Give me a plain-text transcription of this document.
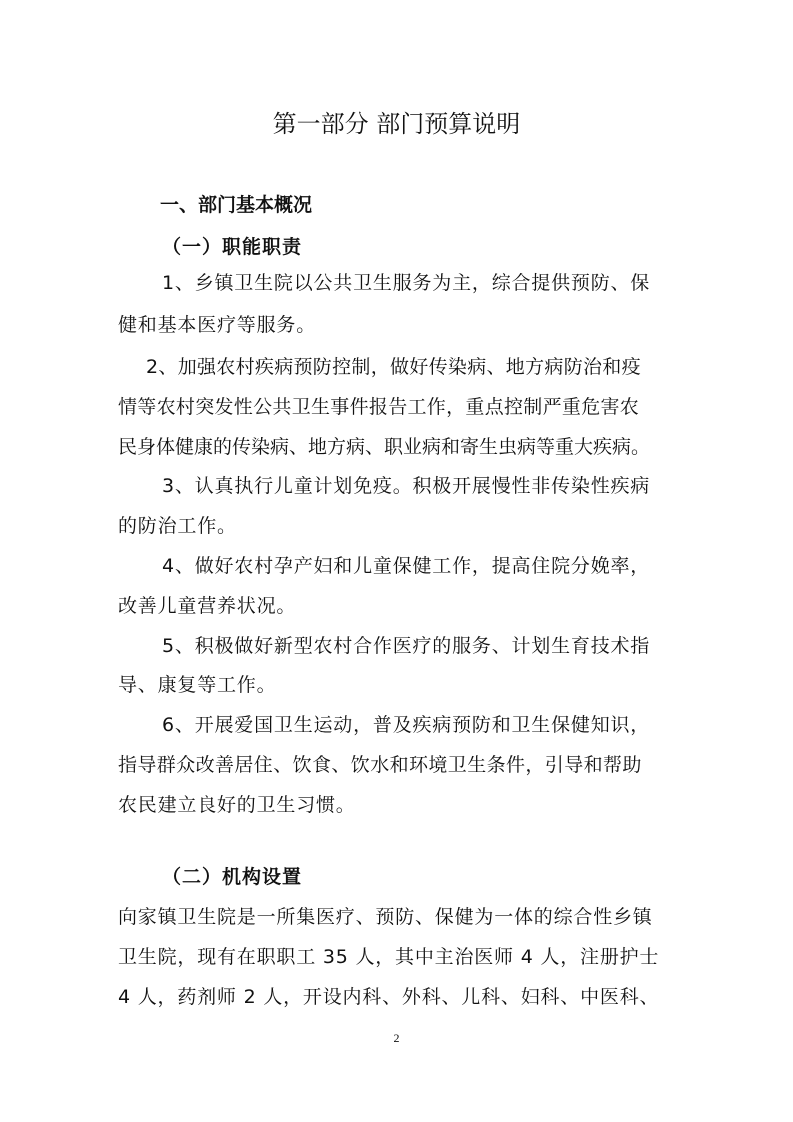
第一部分 部门预算说明
一、部门基本概况
（一）职能职责
1、乡镇卫生院以公共卫生服务为主，综合提供预防、保
健和基本医疗等服务。
2、加强农村疾病预防控制，做好传染病、地方病防治和疫
情等农村突发性公共卫生事件报告工作，重点控制严重危害农
民身体健康的传染病、地方病、职业病和寄生虫病等重大疾病。
3、认真执行儿童计划免疫。积极开展慢性非传染性疾病
的防治工作。
4、做好农村孕产妇和儿童保健工作，提高住院分娩率，
改善儿童营养状况。
5、积极做好新型农村合作医疗的服务、计划生育技术指
导、康复等工作。
6、开展爱国卫生运动，普及疾病预防和卫生保健知识，
指导群众改善居住、饮食、饮水和环境卫生条件，引导和帮助
农民建立良好的卫生习惯。
（二）机构设置
向家镇卫生院是一所集医疗、预防、保健为一体的综合性乡镇
卫生院，现有在职职工 35 人，其中主治医师 4 人，注册护士
4 人，药剂师 2 人，开设内科、外科、儿科、妇科、中医科、
2
